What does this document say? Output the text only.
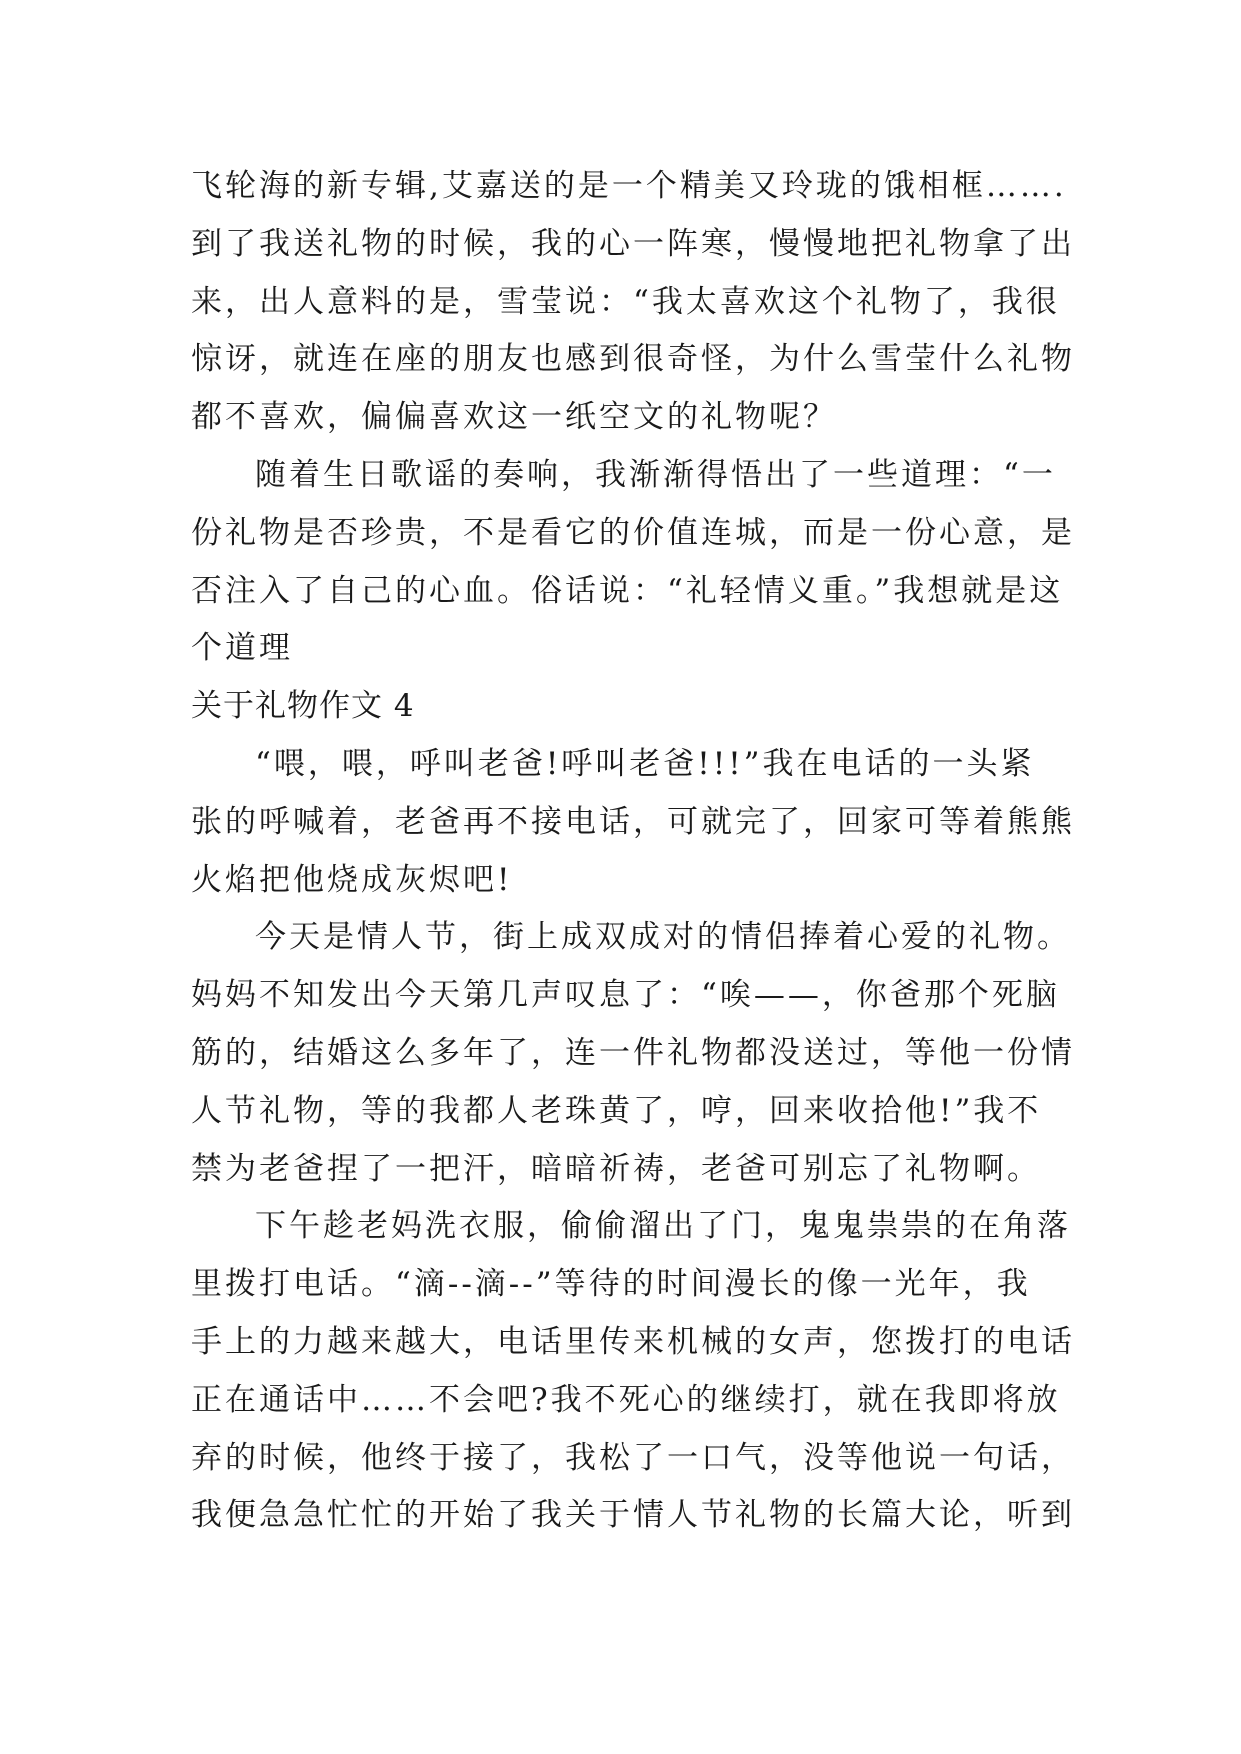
飞轮海的新专辑,艾嘉送的是一个精美又玲珑的饿相框…….
到了我送礼物的时候，我的心一阵寒，慢慢地把礼物拿了出
来，出人意料的是，雪莹说：“我太喜欢这个礼物了，我很
惊讶，就连在座的朋友也感到很奇怪，为什么雪莹什么礼物
都不喜欢，偏偏喜欢这一纸空文的礼物呢？
随着生日歌谣的奏响，我渐渐得悟出了一些道理：“一
份礼物是否珍贵，不是看它的价值连城，而是一份心意，是
否注入了自己的心血。俗话说：“礼轻情义重。”我想就是这
个道理
关于礼物作文 4
“喂，喂，呼叫老爸!呼叫老爸!!!”我在电话的一头紧
张的呼喊着，老爸再不接电话，可就完了，回家可等着熊熊
火焰把他烧成灰烬吧!
今天是情人节，街上成双成对的情侣捧着心爱的礼物。
妈妈不知发出今天第几声叹息了：“唉——，你爸那个死脑
筋的，结婚这么多年了，连一件礼物都没送过，等他一份情
人节礼物，等的我都人老珠黄了，哼，回来收拾他!”我不
禁为老爸捏了一把汗，暗暗祈祷，老爸可别忘了礼物啊。
下午趁老妈洗衣服，偷偷溜出了门，鬼鬼祟祟的在角落
里拨打电话。“滴--滴--”等待的时间漫长的像一光年，我
手上的力越来越大，电话里传来机械的女声，您拨打的电话
正在通话中……不会吧?我不死心的继续打，就在我即将放
弃的时候，他终于接了，我松了一口气，没等他说一句话，
我便急急忙忙的开始了我关于情人节礼物的长篇大论，听到
